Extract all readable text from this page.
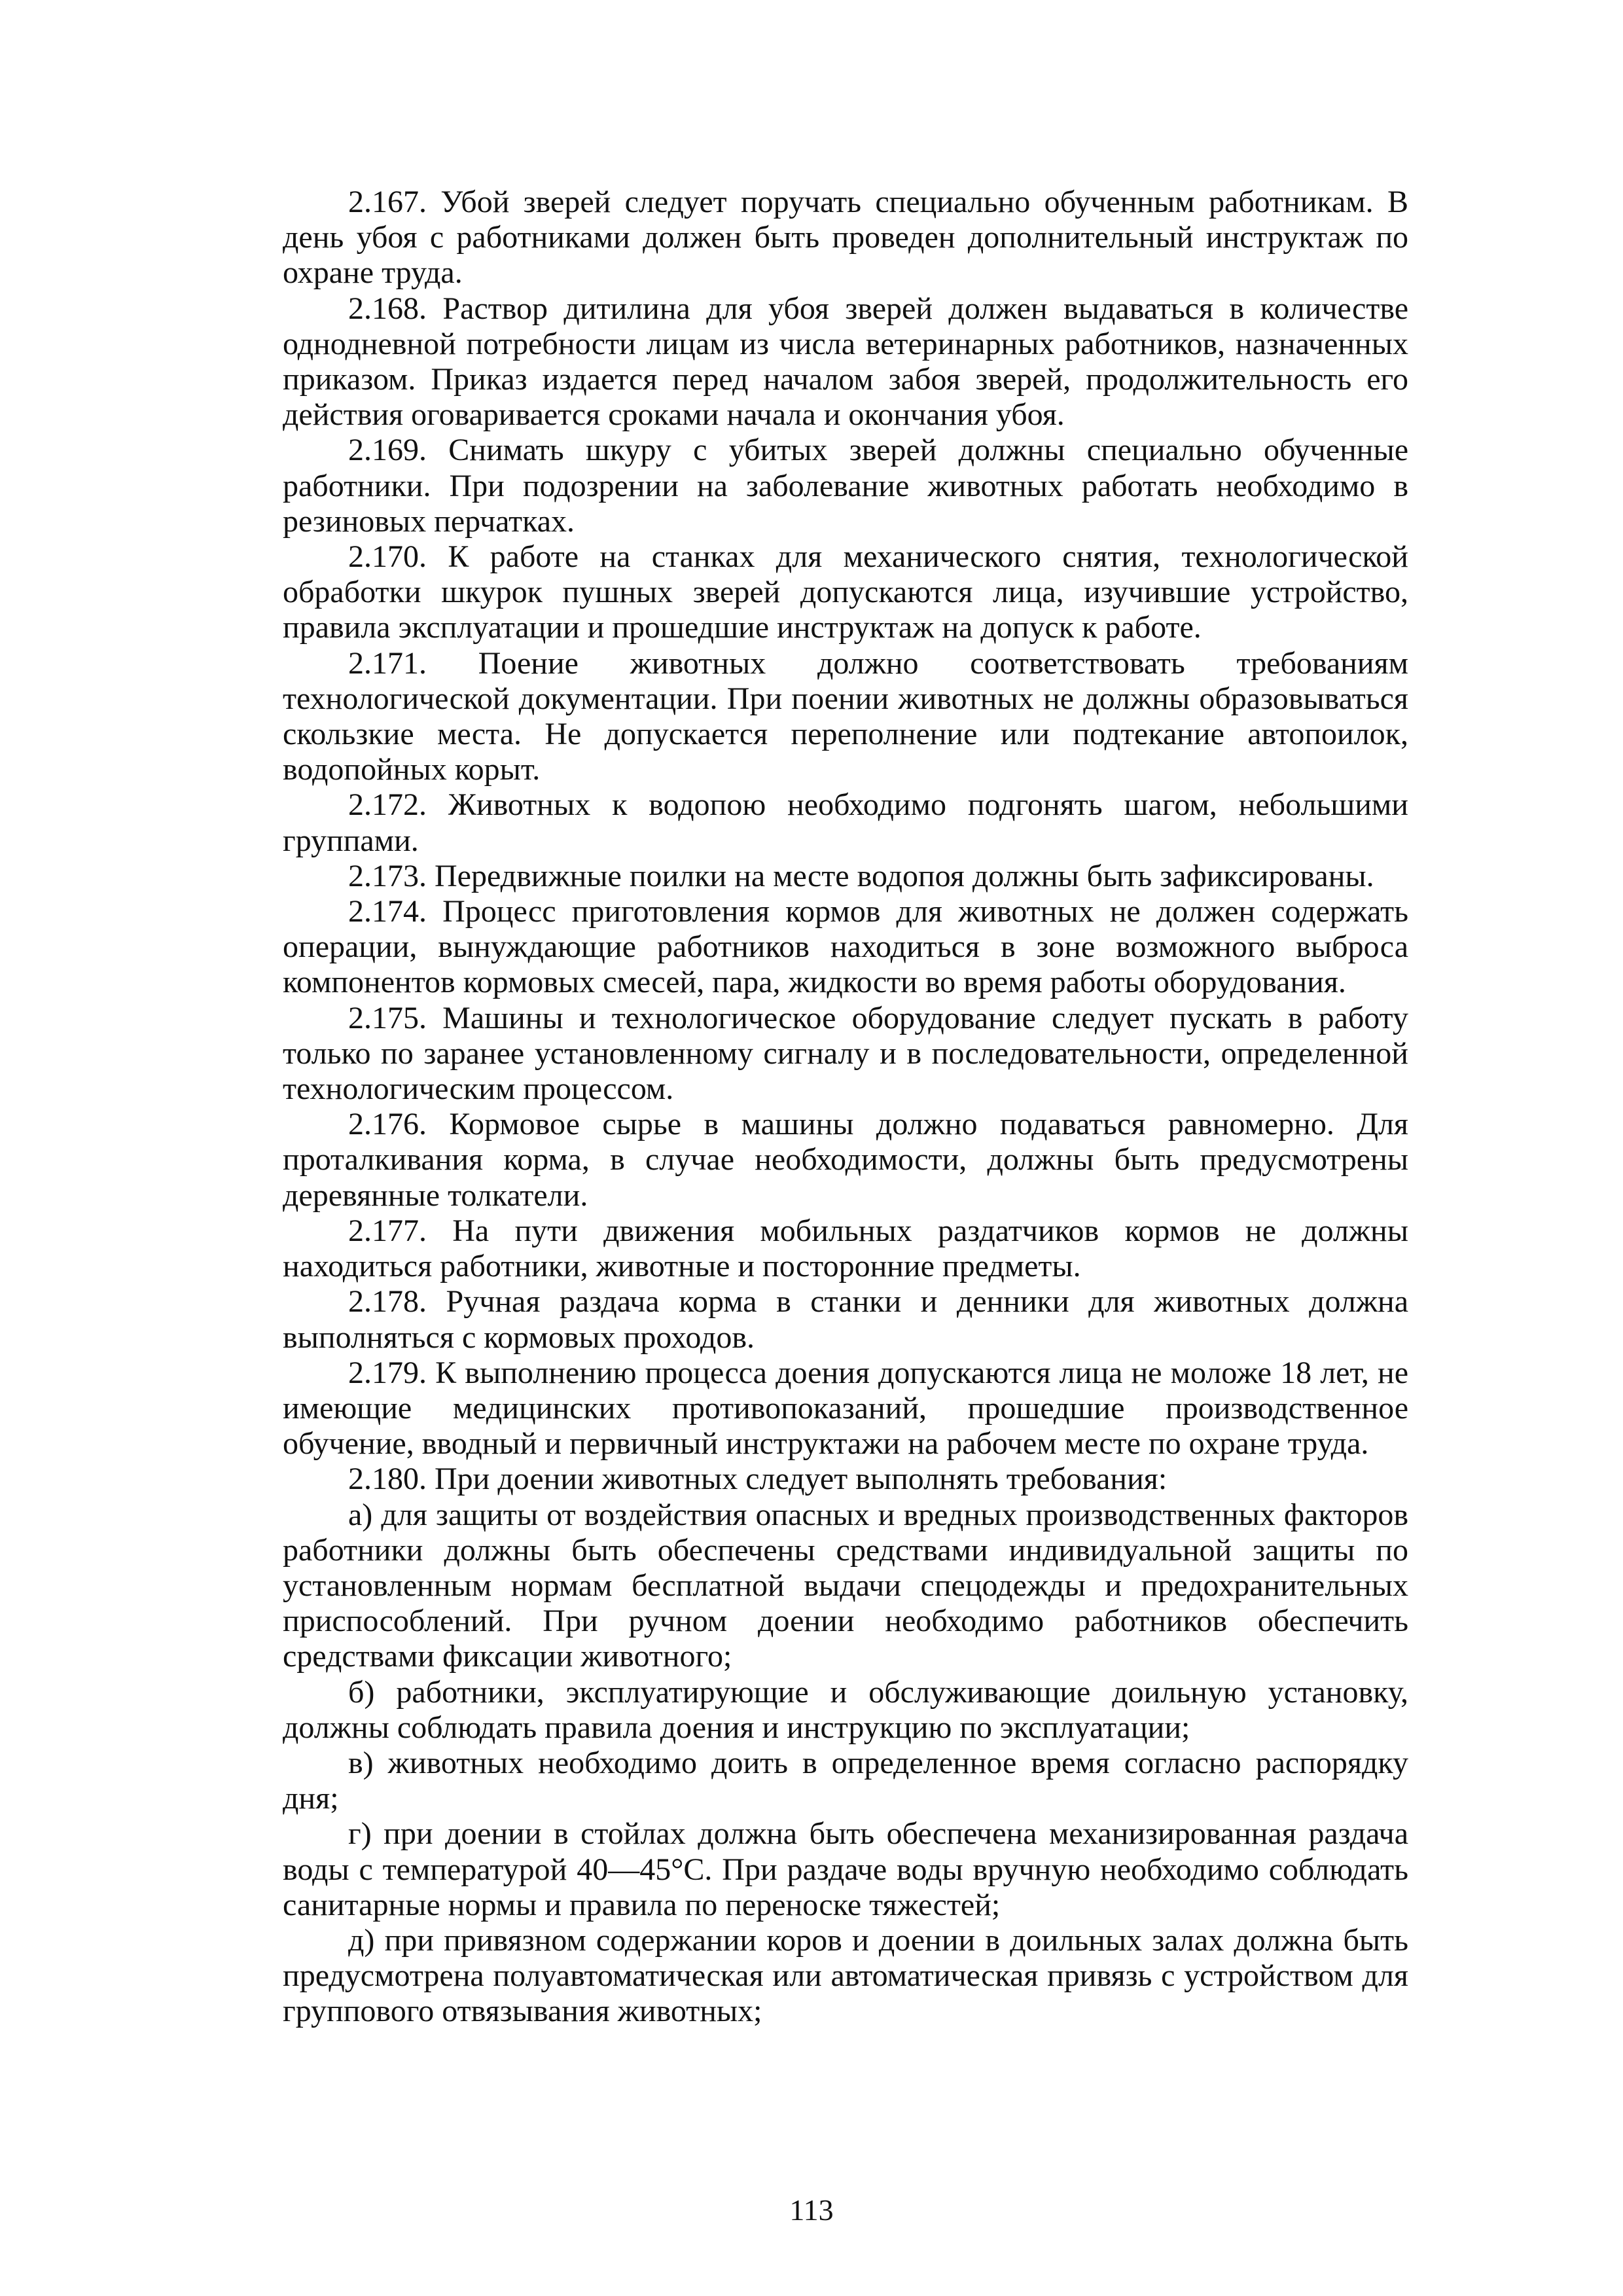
2.167. Убой зверей следует поручать специально обученным работникам. В день убоя с работниками должен быть проведен дополнительный инструктаж по охране труда.

2.168. Раствор дитилина для убоя зверей должен выдаваться в количестве однодневной потребности лицам из числа ветеринарных работников, назначенных приказом. Приказ издается перед началом забоя зверей, продолжительность его действия оговаривается сроками начала и окончания убоя.

2.169. Снимать шкуру с убитых зверей должны специально обученные работники. При подозрении на заболевание животных работать необходимо в резиновых перчатках.

2.170. К работе на станках для механического снятия, технологической обработки шкурок пушных зверей допускаются лица, изучившие устройство, правила эксплуатации и прошедшие инструктаж на допуск к работе.

2.171. Поение животных должно соответствовать требованиям технологической документации. При поении животных не должны образовываться скользкие места. Не допускается переполнение или подтекание автопоилок, водопойных корыт.

2.172. Животных к водопою необходимо подгонять шагом, небольшими группами.

2.173. Передвижные поилки на месте водопоя должны быть зафиксированы.

2.174. Процесс приготовления кормов для животных не должен содержать операции, вынуждающие работников находиться в зоне возможного выброса компонентов кормовых смесей, пара, жидкости во время работы оборудования.

2.175. Машины и технологическое оборудование следует пускать в работу только по заранее установленному сигналу и в последовательности, определенной технологическим процессом.

2.176. Кормовое сырье в машины должно подаваться равномерно. Для проталкивания корма, в случае необходимости, должны быть предусмотрены деревянные толкатели.

2.177. На пути движения мобильных раздатчиков кормов не должны находиться работники, животные и посторонние предметы.

2.178. Ручная раздача корма в станки и денники для животных должна выполняться с кормовых проходов.

2.179. К выполнению процесса доения допускаются лица не моложе 18 лет, не имеющие медицинских противопоказаний, прошедшие производственное обучение, вводный и первичный инструктажи на рабочем месте по охране труда.

2.180. При доении животных следует выполнять требования:

а) для защиты от воздействия опасных и вредных производственных факторов работники должны быть обеспечены средствами индивидуальной защиты по установленным нормам бесплатной выдачи спецодежды и предохранительных приспособлений. При ручном доении необходимо работников обеспечить средствами фиксации животного;

б) работники, эксплуатирующие и обслуживающие доильную установку, должны соблюдать правила доения и инструкцию по эксплуатации;

в) животных необходимо доить в определенное время согласно распорядку дня;

г) при доении в стойлах должна быть обеспечена механизированная раздача воды с температурой 40—45°С. При раздаче воды вручную необходимо соблюдать санитарные нормы и правила по переноске тяжестей;

д) при привязном содержании коров и доении в доильных залах должна быть предусмотрена полуавтоматическая или автоматическая привязь с устройством для группового отвязывания животных;

113
